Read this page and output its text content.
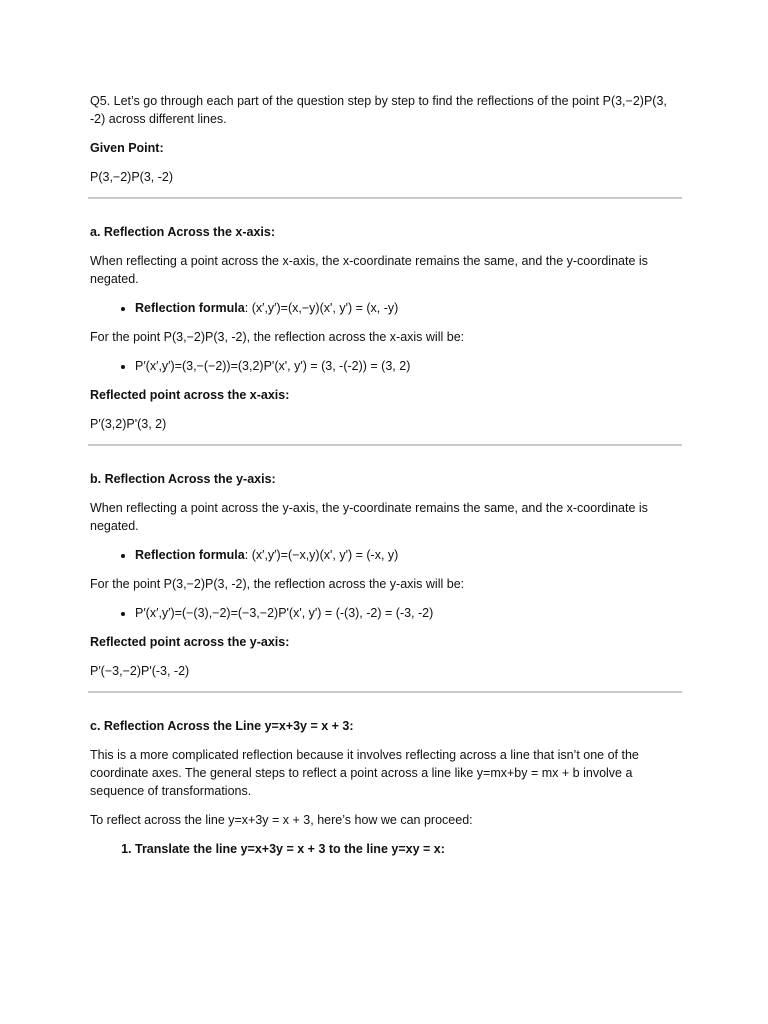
Q5. Let’s go through each part of the question step by step to find the reflections of the point P(3,−2)P(3, -2) across different lines.

Given Point:

P(3,−2)P(3, -2)

a. Reflection Across the x-axis:

When reflecting a point across the x-axis, the x-coordinate remains the same, and the y-coordinate is negated.

• Reflection formula: (x′,y′)=(x,−y)(x', y') = (x, -y)

For the point P(3,−2)P(3, -2), the reflection across the x-axis will be:

• P′(x′,y′)=(3,−(−2))=(3,2)P'(x', y') = (3, -(-2)) = (3, 2)

Reflected point across the x-axis:

P′(3,2)P'(3, 2)

b. Reflection Across the y-axis:

When reflecting a point across the y-axis, the y-coordinate remains the same, and the x-coordinate is negated.

• Reflection formula: (x′,y′)=(−x,y)(x', y') = (-x, y)

For the point P(3,−2)P(3, -2), the reflection across the y-axis will be:

• P′(x′,y′)=(−(3),−2)=(−3,−2)P'(x', y') = (-(3), -2) = (-3, -2)

Reflected point across the y-axis:

P′(−3,−2)P'(-3, -2)

c. Reflection Across the Line y=x+3y = x + 3:

This is a more complicated reflection because it involves reflecting across a line that isn’t one of the coordinate axes. The general steps to reflect a point across a line like y=mx+by = mx + b involve a sequence of transformations.

To reflect across the line y=x+3y = x + 3, here’s how we can proceed:

1. Translate the line y=x+3y = x + 3 to the line y=xy = x:
